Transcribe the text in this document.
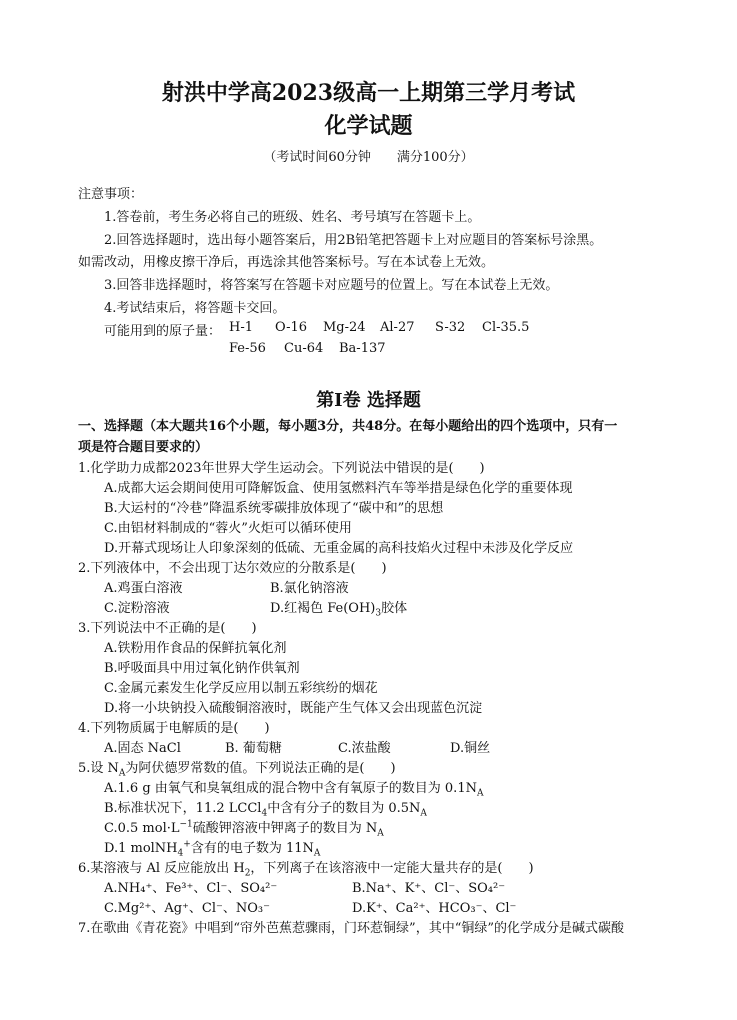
射洪中学高2023级高一上期第三学月考试
化学试题
（考试时间60分钟　　满分100分）
注意事项：
1.答卷前，考生务必将自己的班级、姓名、考号填写在答题卡上。
2.回答选择题时，选出每小题答案后，用2B铅笔把答题卡上对应题目的答案标号涂黑。
如需改动，用橡皮擦干净后，再选涂其他答案标号。写在本试卷上无效。
3.回答非选择题时，将答案写在答题卡对应题号的位置上。写在本试卷上无效。
4.考试结束后，将答题卡交回。
可能用到的原子量： H-1 O-16 Mg-24 Al-27 S-32 Cl-35.5
Fe-56 Cu-64 Ba-137
第Ⅰ卷 选择题
一、选择题（本大题共16个小题，每小题3分，共48分。在每小题给出的四个选项中，只有一
项是符合题目要求的）
1.化学助力成都2023年世界大学生运动会。下列说法中错误的是(　　)
A.成都大运会期间使用可降解饭盒、使用氢燃料汽车等举措是绿色化学的重要体现
B.大运村的“冷巷”降温系统零碳排放体现了“碳中和”的思想
C.由铝材料制成的“蓉火”火炬可以循环使用
D.开幕式现场让人印象深刻的低硫、无重金属的高科技焰火过程中未涉及化学反应
2.下列液体中，不会出现丁达尔效应的分散系是(　　)
A.鸡蛋白溶液	B.氯化钠溶液
C.淀粉溶液	D.红褐色 $Fe(OH)_3$胶体
3.下列说法中不正确的是(　　)
A.铁粉用作食品的保鲜抗氧化剂
B.呼吸面具中用过氧化钠作供氧剂
C.金属元素发生化学反应用以制五彩缤纷的烟花
D.将一小块钠投入硫酸铜溶液时，既能产生气体又会出现蓝色沉淀
4.下列物质属于电解质的是(　　)
A.固态 NaCl	B. 葡萄糖	C.浓盐酸	D.铜丝
5.设 $N_A$为阿伏德罗常数的值。下列说法正确的是(　　)
A.1.6 g 由氧气和臭氧组成的混合物中含有氧原子的数目为 $0.1N_A$
B.标准状况下，11.2 LCCl$_4$中含有分子的数目为 $0.5N_A$
C.0.5 $mol\cdot L^{-1}$硫酸钾溶液中钾离子的数目为 $N_A$
D.1 molNH$_4$+含有的电子数为 $11N_A$
6.某溶液与 Al 反应能放出 $H_2$，下列离子在该溶液中一定能大量共存的是(　　)
A.NH₄⁺、Fe³⁺、Cl⁻、SO₄²⁻	B.Na⁺、K⁺、Cl⁻、SO₄²⁻
C.Mg²⁺、Ag⁺、Cl⁻、NO₃⁻	D.K⁺、Ca²⁺、HCO₃⁻、Cl⁻
7.在歌曲《青花瓷》中唱到“帘外芭蕉惹骤雨，门环惹铜绿”，其中“铜绿”的化学成分是碱式碳酸
